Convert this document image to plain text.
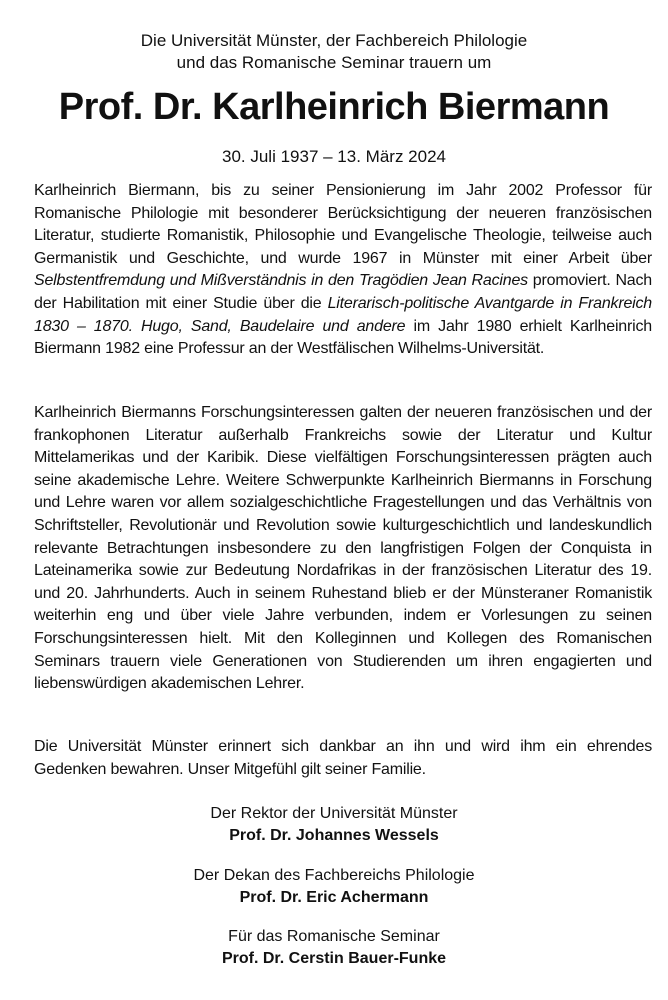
Die Universität Münster, der Fachbereich Philologie
und das Romanische Seminar trauern um
Prof. Dr. Karlheinrich Biermann
30. Juli 1937 – 13. März 2024
Karlheinrich Biermann, bis zu seiner Pensionierung im Jahr 2002 Professor für Romanische Philologie mit besonderer Berücksichtigung der neueren französischen Literatur, studierte Romanistik, Philosophie und Evangelische Theologie, teilweise auch Germanistik und Geschichte, und wurde 1967 in Münster mit einer Arbeit über Selbstentfremdung und Mißverständnis in den Tragödien Jean Racines promoviert. Nach der Habilitation mit einer Studie über die Literarisch-politische Avantgarde in Frankreich 1830 – 1870. Hugo, Sand, Baudelaire und andere im Jahr 1980 erhielt Karlheinrich Biermann 1982 eine Professur an der Westfälischen Wilhelms-Universität.
Karlheinrich Biermanns Forschungsinteressen galten der neueren französischen und der frankophonen Literatur außerhalb Frankreichs sowie der Literatur und Kultur Mittelamerikas und der Karibik. Diese vielfältigen Forschungsinteressen prägten auch seine akademische Lehre. Weitere Schwerpunkte Karlheinrich Biermanns in Forschung und Lehre waren vor allem sozialgeschichtliche Fragestellungen und das Verhältnis von Schriftsteller, Revolutionär und Revolution sowie kulturgeschichtlich und landeskundlich relevante Betrachtungen insbesondere zu den langfristigen Folgen der Conquista in Lateinamerika sowie zur Bedeutung Nordafrikas in der französischen Literatur des 19. und 20. Jahrhunderts. Auch in seinem Ruhestand blieb er der Münsteraner Romanistik weiterhin eng und über viele Jahre verbunden, indem er Vorlesungen zu seinen Forschungsinteressen hielt. Mit den Kolleginnen und Kollegen des Romanischen Seminars trauern viele Generationen von Studierenden um ihren engagierten und liebenswürdigen akademischen Lehrer.
Die Universität Münster erinnert sich dankbar an ihn und wird ihm ein ehrendes Gedenken bewahren. Unser Mitgefühl gilt seiner Familie.
Der Rektor der Universität Münster
Prof. Dr. Johannes Wessels
Der Dekan des Fachbereichs Philologie
Prof. Dr. Eric Achermann
Für das Romanische Seminar
Prof. Dr. Cerstin Bauer-Funke
